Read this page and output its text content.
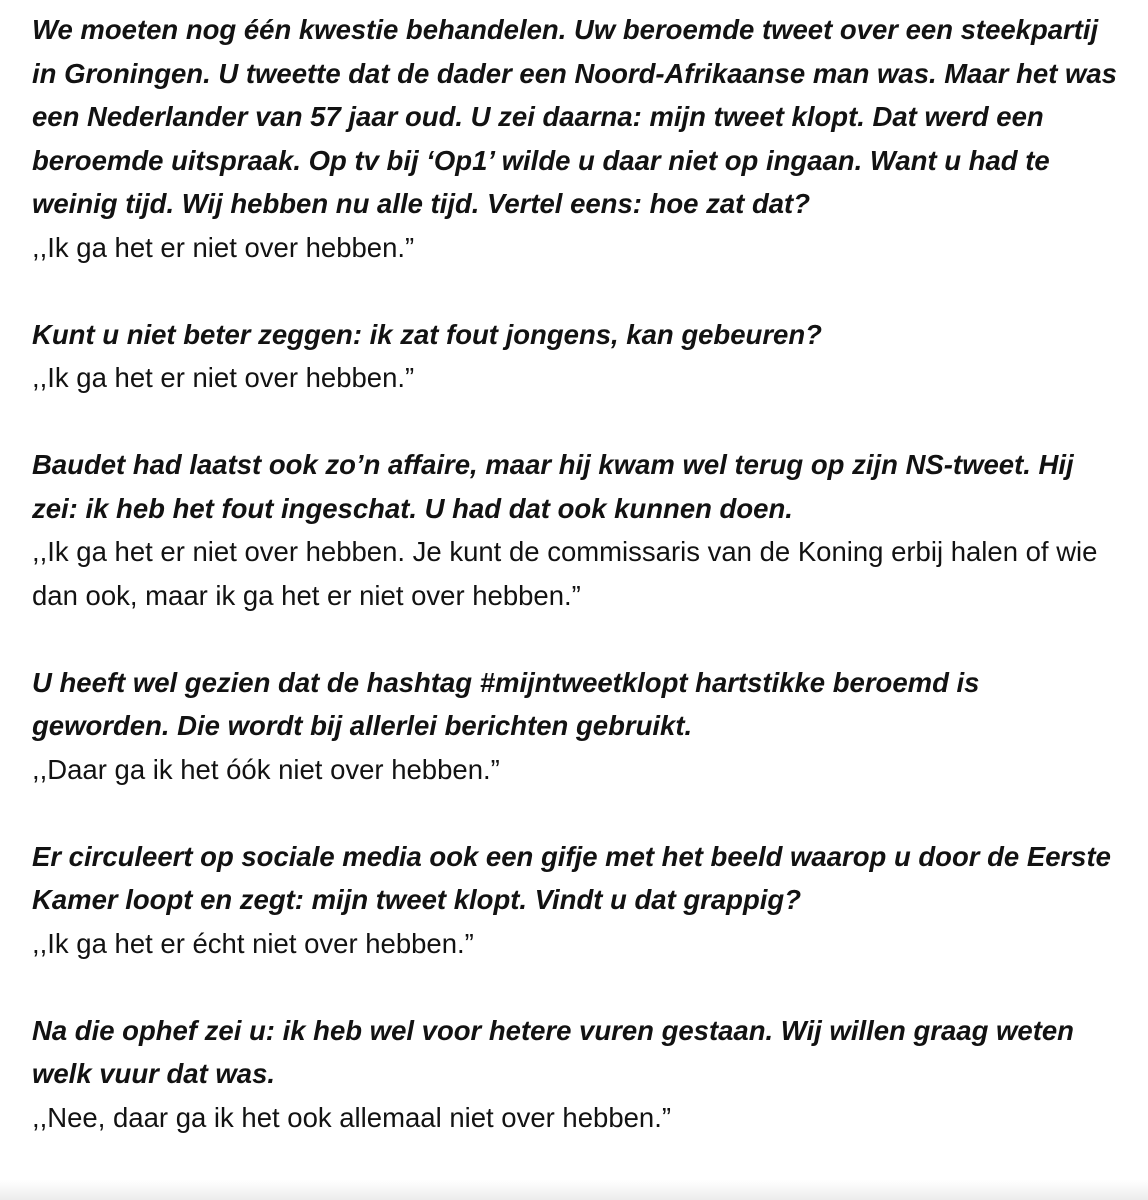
We moeten nog één kwestie behandelen. Uw beroemde tweet over een steekpartij in Groningen. U tweette dat de dader een Noord-Afrikaanse man was. Maar het was een Nederlander van 57 jaar oud. U zei daarna: mijn tweet klopt. Dat werd een beroemde uitspraak. Op tv bij ‘Op1’ wilde u daar niet op ingaan. Want u had te weinig tijd. Wij hebben nu alle tijd. Vertel eens: hoe zat dat?

,,Ik ga het er niet over hebben.”

Kunt u niet beter zeggen: ik zat fout jongens, kan gebeuren?

,,Ik ga het er niet over hebben.”

Baudet had laatst ook zo’n affaire, maar hij kwam wel terug op zijn NS-tweet. Hij zei: ik heb het fout ingeschat. U had dat ook kunnen doen.

,,Ik ga het er niet over hebben. Je kunt de commissaris van de Koning erbij halen of wie dan ook, maar ik ga het er niet over hebben.”

U heeft wel gezien dat de hashtag #mijntweetklopt hartstikke beroemd is geworden. Die wordt bij allerlei berichten gebruikt.

,,Daar ga ik het óók niet over hebben.”

Er circuleert op sociale media ook een gifje met het beeld waarop u door de Eerste Kamer loopt en zegt: mijn tweet klopt. Vindt u dat grappig?

,,Ik ga het er écht niet over hebben.”

Na die ophef zei u: ik heb wel voor hetere vuren gestaan. Wij willen graag weten welk vuur dat was.

,,Nee, daar ga ik het ook allemaal niet over hebben.”
